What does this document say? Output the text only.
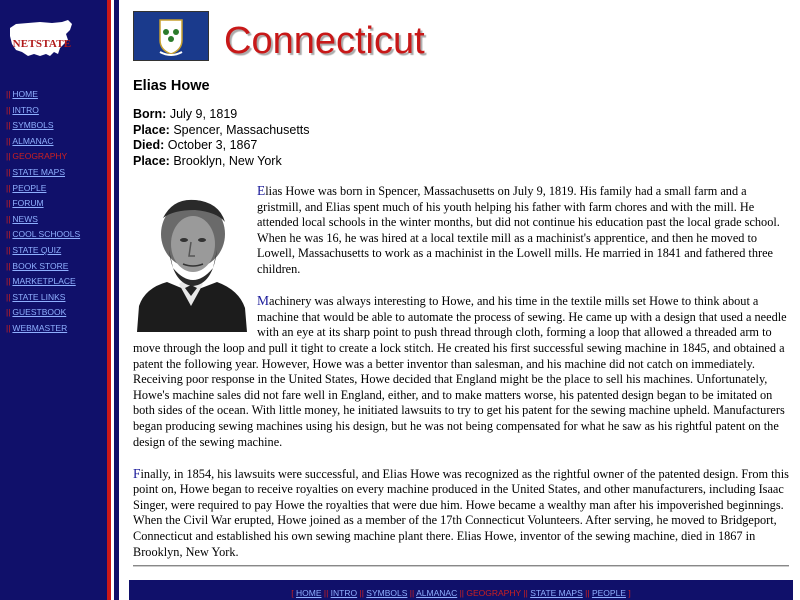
NETSTATE
|| HOME
|| INTRO
|| SYMBOLS
|| ALMANAC
|| GEOGRAPHY
|| STATE MAPS
|| PEOPLE
|| FORUM
|| NEWS
|| COOL SCHOOLS
|| STATE QUIZ
|| BOOK STORE
|| MARKETPLACE
|| STATE LINKS
|| GUESTBOOK
|| WEBMASTER
Connecticut
Elias Howe
Born: July 9, 1819
Place: Spencer, Massachusetts
Died: October 3, 1867
Place: Brooklyn, New York

Elias Howe was born in Spencer, Massachusetts on July 9, 1819. His family had a small farm and a gristmill, and Elias spent much of his youth helping his father with farm chores and with the mill. He attended local schools in the winter months, but did not continue his education past the local grade school. When he was 16, he was hired at a local textile mill as a machinist's apprentice, and then he moved to Lowell, Massachusetts to work as a machinist in the Lowell mills. He married in 1841 and fathered three children.

Machinery was always interesting to Howe, and his time in the textile mills set Howe to think about a machine that would be able to automate the process of sewing. He came up with a design that used a needle with an eye at its sharp point to push thread through cloth, forming a loop that allowed a threaded arm to move through the loop and pull it tight to create a lock stitch. He created his first successful sewing machine in 1845, and obtained a patent the following year. However, Howe was a better inventor than salesman, and his machine did not catch on immediately. Receiving poor response in the United States, Howe decided that England might be the place to sell his machines. Unfortunately, Howe's machine sales did not fare well in England, either, and to make matters worse, his patented design began to be imitated on both sides of the ocean. With little money, he initiated lawsuits to try to get his patent for the sewing machine upheld. Manufacturers began producing sewing machines using his design, but he was not being compensated for what he saw as his rightful patent on the design of the sewing machine.

Finally, in 1854, his lawsuits were successful, and Elias Howe was recognized as the rightful owner of the patented design. From this point on, Howe began to receive royalties on every machine produced in the United States, and other manufacturers, including Isaac Singer, were required to pay Howe the royalties that were due him. Howe became a wealthy man after his impoverished beginnings. When the Civil War erupted, Howe joined as a member of the 17th Connecticut Volunteers. After serving, he moved to Bridgeport, Connecticut and established his own sewing machine plant there. Elias Howe, inventor of the sewing machine, died in 1867 in Brooklyn, New York.

[ HOME || INTRO || SYMBOLS || ALMANAC || GEOGRAPHY || STATE MAPS || PEOPLE ]
